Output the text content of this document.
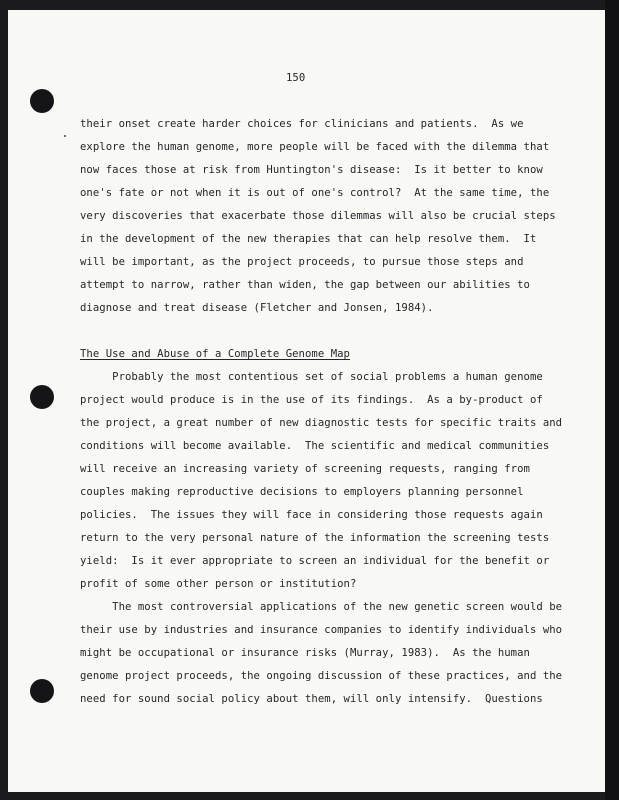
150
their onset create harder choices for clinicians and patients.  As we
explore the human genome, more people will be faced with the dilemma that
now faces those at risk from Huntington's disease:  Is it better to know
one's fate or not when it is out of one's control?  At the same time, the
very discoveries that exacerbate those dilemmas will also be crucial steps
in the development of the new therapies that can help resolve them.  It
will be important, as the project proceeds, to pursue those steps and
attempt to narrow, rather than widen, the gap between our abilities to
diagnose and treat disease (Fletcher and Jonsen, 1984).
The Use and Abuse of a Complete Genome Map
Probably the most contentious set of social problems a human genome
project would produce is in the use of its findings.  As a by-product of
the project, a great number of new diagnostic tests for specific traits and
conditions will become available.  The scientific and medical communities
will receive an increasing variety of screening requests, ranging from
couples making reproductive decisions to employers planning personnel
policies.  The issues they will face in considering those requests again
return to the very personal nature of the information the screening tests
yield:  Is it ever appropriate to screen an individual for the benefit or
profit of some other person or institution?
The most controversial applications of the new genetic screen would be
their use by industries and insurance companies to identify individuals who
might be occupational or insurance risks (Murray, 1983).  As the human
genome project proceeds, the ongoing discussion of these practices, and the
need for sound social policy about them, will only intensify.  Questions
